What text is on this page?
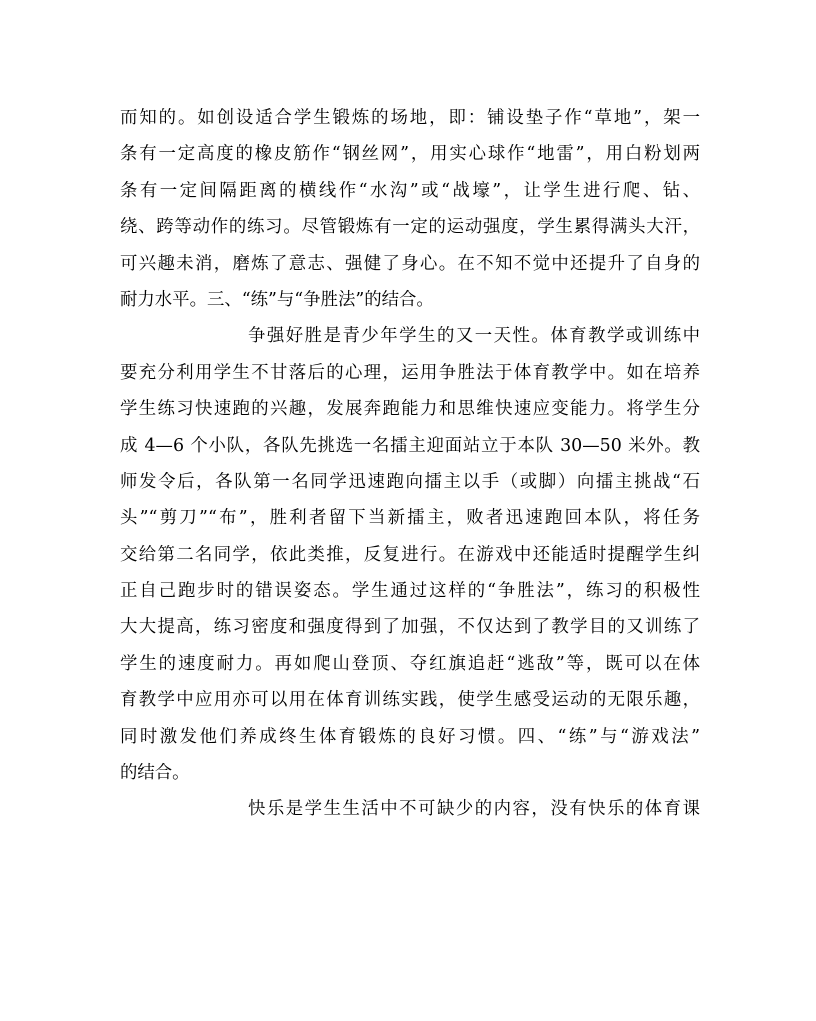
而知的。如创设适合学生锻炼的场地，即：铺设垫子作“草地”，架一
条有一定高度的橡皮筋作“钢丝网”，用实心球作“地雷”，用白粉划两
条有一定间隔距离的横线作“水沟”或“战壕”，让学生进行爬、钻、
绕、跨等动作的练习。尽管锻炼有一定的运动强度，学生累得满头大汗，
可兴趣未消，磨炼了意志、强健了身心。在不知不觉中还提升了自身的
耐力水平。三、“练”与“争胜法”的结合。
争强好胜是青少年学生的又一天性。体育教学或训练中
要充分利用学生不甘落后的心理，运用争胜法于体育教学中。如在培养
学生练习快速跑的兴趣，发展奔跑能力和思维快速应变能力。将学生分
成 4—6 个小队，各队先挑选一名擂主迎面站立于本队 30—50 米外。教
师发令后，各队第一名同学迅速跑向擂主以手（或脚）向擂主挑战“石
头”“剪刀”“布”，胜利者留下当新擂主，败者迅速跑回本队，将任务
交给第二名同学，依此类推，反复进行。在游戏中还能适时提醒学生纠
正自己跑步时的错误姿态。学生通过这样的“争胜法”，练习的积极性
大大提高，练习密度和强度得到了加强，不仅达到了教学目的又训练了
学生的速度耐力。再如爬山登顶、夺红旗追赶“逃敌”等，既可以在体
育教学中应用亦可以用在体育训练实践，使学生感受运动的无限乐趣，
同时激发他们养成终生体育锻炼的良好习惯。四、“练”与“游戏法”
的结合。
快乐是学生生活中不可缺少的内容，没有快乐的体育课
